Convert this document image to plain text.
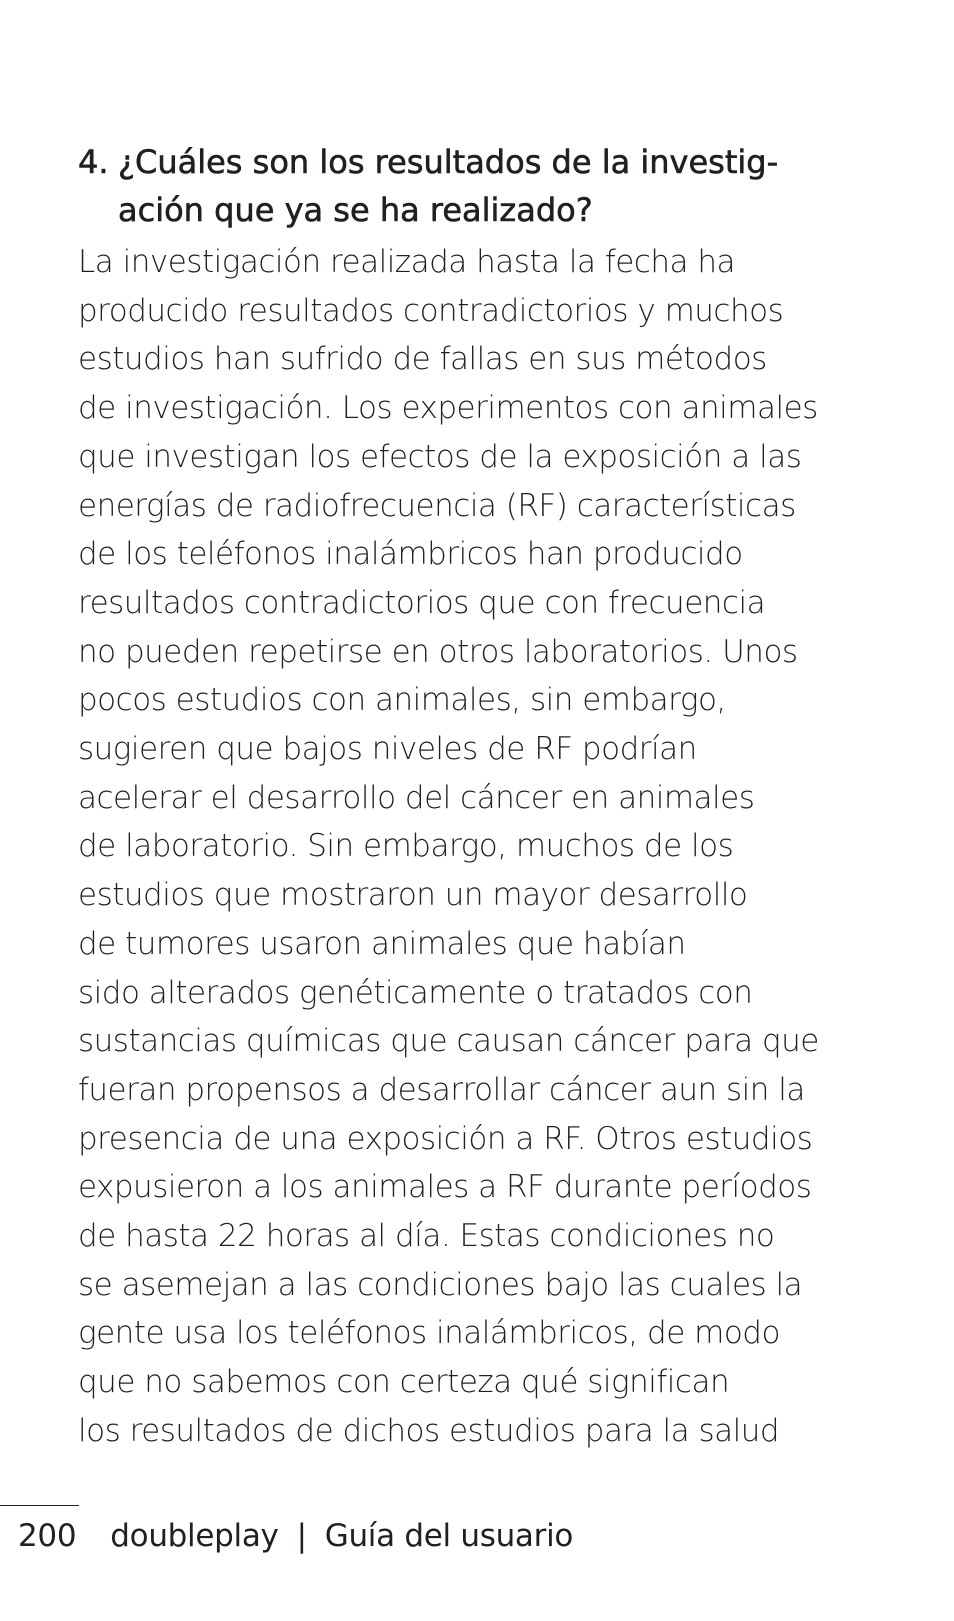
4. ¿Cuáles son los resultados de la investig-
ación que ya se ha realizado?

La investigación realizada hasta la fecha ha
producido resultados contradictorios y muchos
estudios han sufrido de fallas en sus métodos
de investigación. Los experimentos con animales
que investigan los efectos de la exposición a las
energías de radiofrecuencia (RF) características
de los teléfonos inalámbricos han producido
resultados contradictorios que con frecuencia
no pueden repetirse en otros laboratorios. Unos
pocos estudios con animales, sin embargo,
sugieren que bajos niveles de RF podrían
acelerar el desarrollo del cáncer en animales
de laboratorio. Sin embargo, muchos de los
estudios que mostraron un mayor desarrollo
de tumores usaron animales que habían
sido alterados genéticamente o tratados con
sustancias químicas que causan cáncer para que
fueran propensos a desarrollar cáncer aun sin la
presencia de una exposición a RF. Otros estudios
expusieron a los animales a RF durante períodos
de hasta 22 horas al día. Estas condiciones no
se asemejan a las condiciones bajo las cuales la
gente usa los teléfonos inalámbricos, de modo
que no sabemos con certeza qué significan
los resultados de dichos estudios para la salud

200 doubleplay | Guía del usuario
